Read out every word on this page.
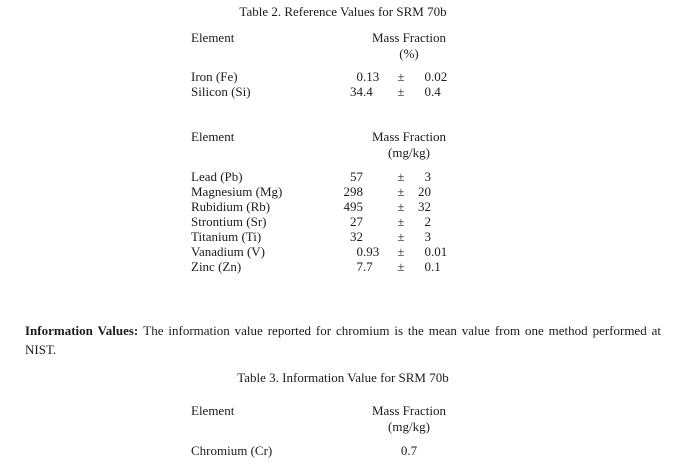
Table 2. Reference Values for SRM 70b
Element	Mass Fraction
(%)
Iron (Fe)	0 .13	±	0 .02
Silicon (Si)	34 .4	±	0 .4
Element	Mass Fraction
(mg/kg)
Lead (Pb)	57	±	3
Magnesium (Mg)	298	±	20
Rubidium (Rb)	495	±	32
Strontium (Sr)	27	±	2
Titanium (Ti)	32	±	3
Vanadium (V)	0 .93	±	0 .01
Zinc (Zn)	7 .7	±	0 .1

Information Values: The information value reported for chromium is the mean value from one method performed at NIST.

Table 3. Information Value for SRM 70b
Element	Mass Fraction
(mg/kg)
Chromium (Cr)	0.7
